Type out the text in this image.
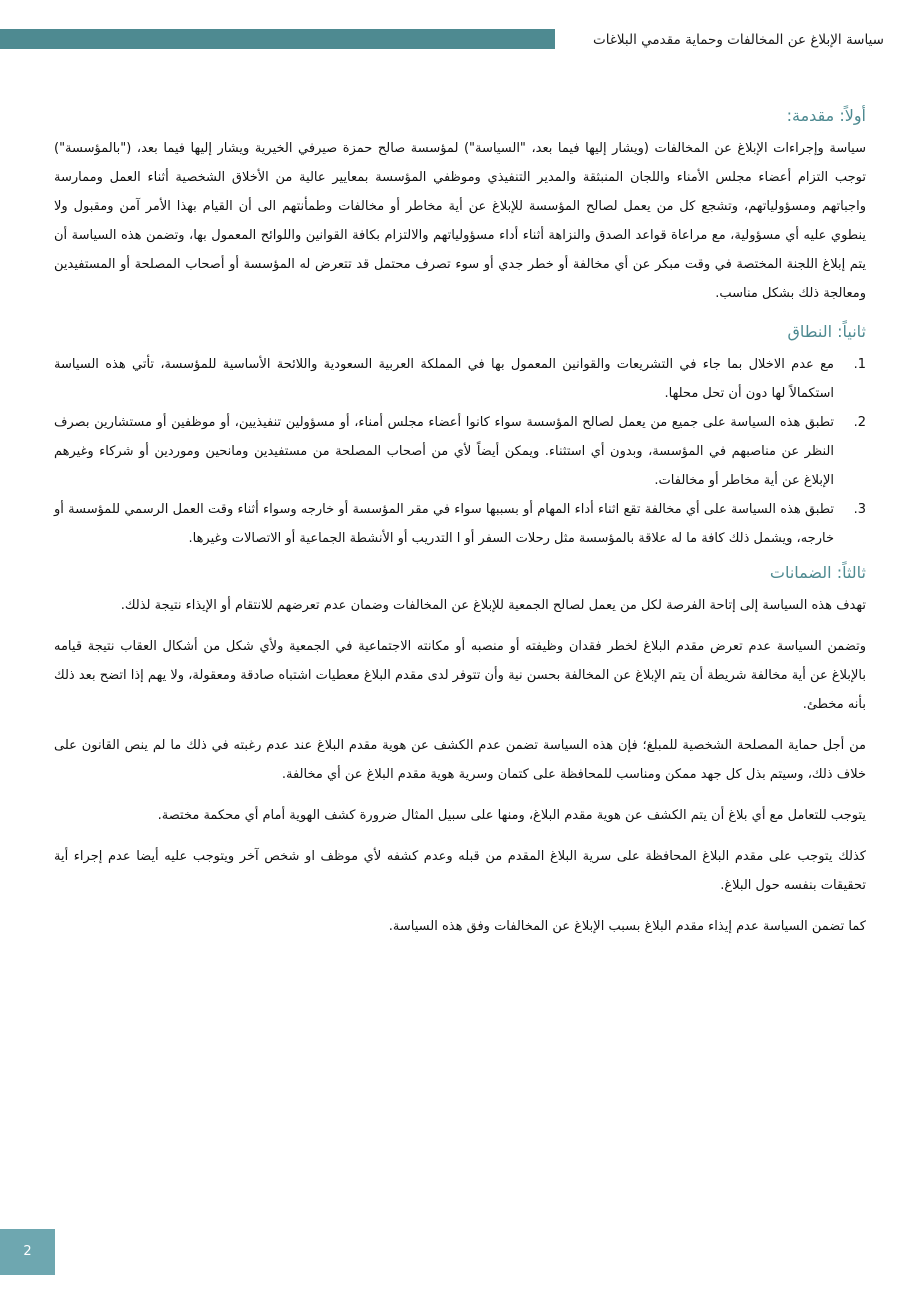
سياسة الإبلاغ عن المخالفات وحماية مقدمي البلاغات
أولاً: مقدمة:

سياسة وإجراءات الإبلاغ عن المخالفات (ويشار إليها فيما بعد، "السياسة") لمؤسسة صالح حمزة صيرفي الخيرية ويشار إليها فيما بعد، ("بالمؤسسة") توجب التزام أعضاء مجلس الأمناء واللجان المنبثقة والمدير التنفيذي وموظفي المؤسسة بمعايير عالية من الأخلاق الشخصية أثناء العمل وممارسة واجباتهم ومسؤولياتهم، وتشجع كل من يعمل لصالح المؤسسة للإبلاغ عن أية مخاطر أو مخالفات وطمأنتهم الى أن القيام بهذا الأمر آمن ومقبول ولا ينطوي عليه أي مسؤولية، مع مراعاة قواعد الصدق والنزاهة أثناء أداء مسؤولياتهم والالتزام بكافة القوانين واللوائح المعمول بها، وتضمن هذه السياسة أن يتم إبلاغ اللجنة المختصة في وقت مبكر عن أي مخالفة أو خطر جدي أو سوء تصرف محتمل قد تتعرض له المؤسسة أو أصحاب المصلحة أو المستفيدين ومعالجة ذلك بشكل مناسب.

ثانياً: النطاق
1.
مع عدم الاخلال بما جاء في التشريعات والقوانين المعمول بها في المملكة العربية السعودية واللائحة الأساسية للمؤسسة، تأتي هذه السياسة استكمالاً لها دون أن تحل محلها.
2.
تطبق هذه السياسة على جميع من يعمل لصالح المؤسسة سواء كانوا أعضاء مجلس أمناء، أو مسؤولين تنفيذيين، أو موظفين أو مستشارين بصرف النظر عن مناصبهم في المؤسسة، وبدون أي استثناء. ويمكن أيضاً لأي من أصحاب المصلحة من مستفيدين ومانحين وموردين أو شركاء وغيرهم الإبلاغ عن أية مخاطر أو مخالفات.
3.
تطبق هذه السياسة على أي مخالفة تقع اثناء أداء المهام أو بسببها سواء في مقر المؤسسة أو خارجه وسواء أثناء وقت العمل الرسمي للمؤسسة أو خارجه، ويشمل ذلك كافة ما له علاقة بالمؤسسة مثل رحلات السفر أو ا التدريب أو الأنشطة الجماعية أو الاتصالات وغيرها.
ثالثاً: الضمانات

تهدف هذه السياسة إلى إتاحة الفرصة لكل من يعمل لصالح الجمعية للإبلاغ عن المخالفات وضمان عدم تعرضهم للانتقام أو الإيذاء نتيجة لذلك.

وتضمن السياسة عدم تعرض مقدم البلاغ لخطر فقدان وظيفته أو منصبه أو مكانته الاجتماعية في الجمعية ولأي شكل من أشكال العقاب نتيجة قيامه بالإبلاغ عن أية مخالفة شريطة أن يتم الإبلاغ عن المخالفة بحسن نية وأن تتوفر لدى مقدم البلاغ معطيات اشتباه صادقة ومعقولة، ولا يهم إذا اتضح بعد ذلك بأنه مخطئ.

من أجل حماية المصلحة الشخصية للمبلغ؛ فإن هذه السياسة تضمن عدم الكشف عن هوية مقدم البلاغ عند عدم رغبته في ذلك ما لم ينص القانون على خلاف ذلك، وسيتم بذل كل جهد ممكن ومناسب للمحافظة على كتمان وسرية هوية مقدم البلاغ عن أي مخالفة.

يتوجب للتعامل مع أي بلاغ أن يتم الكشف عن هوية مقدم البلاغ، ومنها على سبيل المثال ضرورة كشف الهوية أمام أي محكمة مختصة.

كذلك يتوجب على مقدم البلاغ المحافظة على سرية البلاغ المقدم من قبله وعدم كشفه لأي موظف او شخص آخر ويتوجب عليه أيضا عدم إجراء أية تحقيقات بنفسه حول البلاغ.

كما تضمن السياسة عدم إيذاء مقدم البلاغ بسبب الإبلاغ عن المخالفات وفق هذه السياسة.

2
